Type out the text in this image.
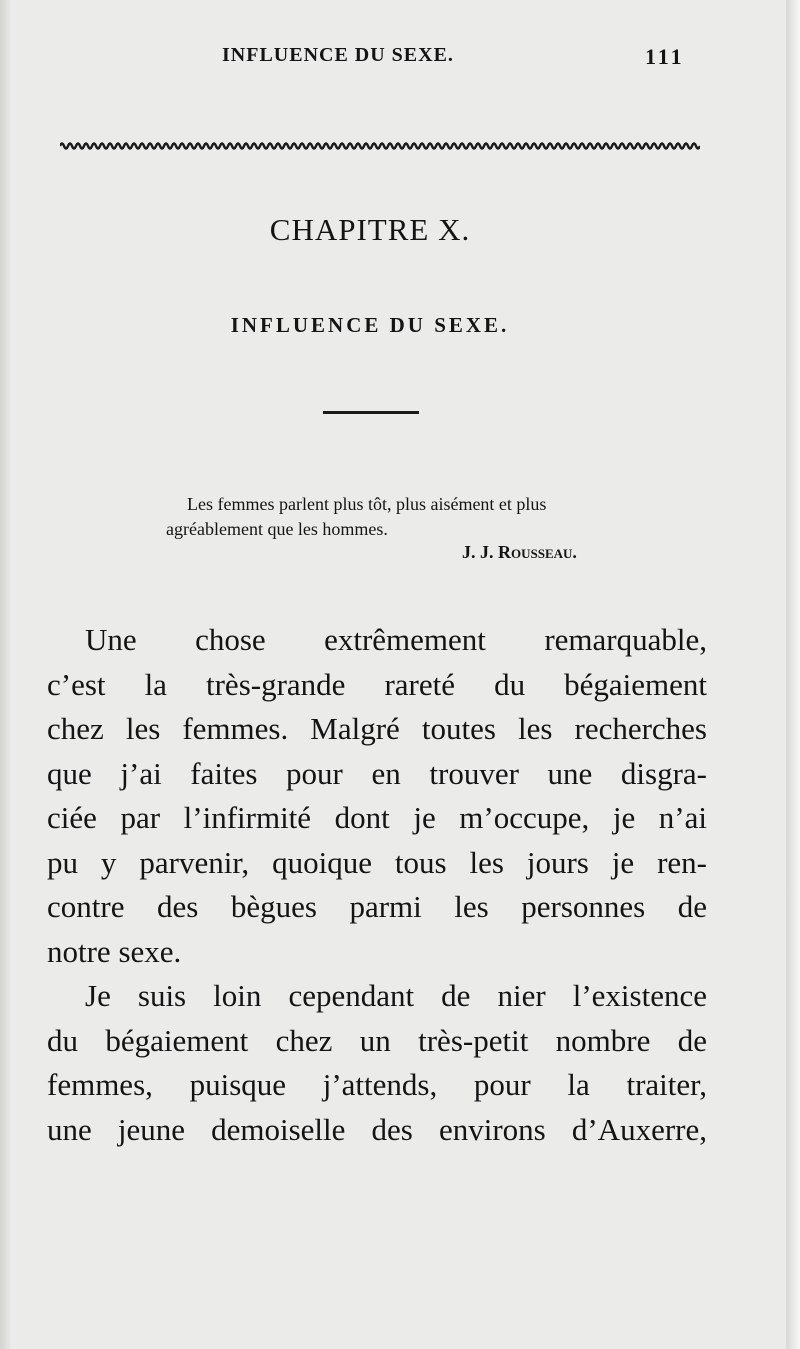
INFLUENCE DU SEXE.	111
CHAPITRE X.
INFLUENCE DU SEXE.
Les femmes parlent plus tôt, plus aisément et plus
agréablement que les hommes.
J. J. Rousseau.
Une chose extrêmement remarquable,
c’est la très-grande rareté du bégaiement
chez les femmes. Malgré toutes les recherches
que j’ai faites pour en trouver une disgra-
ciée par l’infirmité dont je m’occupe, je n’ai
pu y parvenir, quoique tous les jours je ren-
contre des bègues parmi les personnes de
notre sexe.
Je suis loin cependant de nier l’existence
du bégaiement chez un très-petit nombre de
femmes, puisque j’attends, pour la traiter,
une jeune demoiselle des environs d’Auxerre,
